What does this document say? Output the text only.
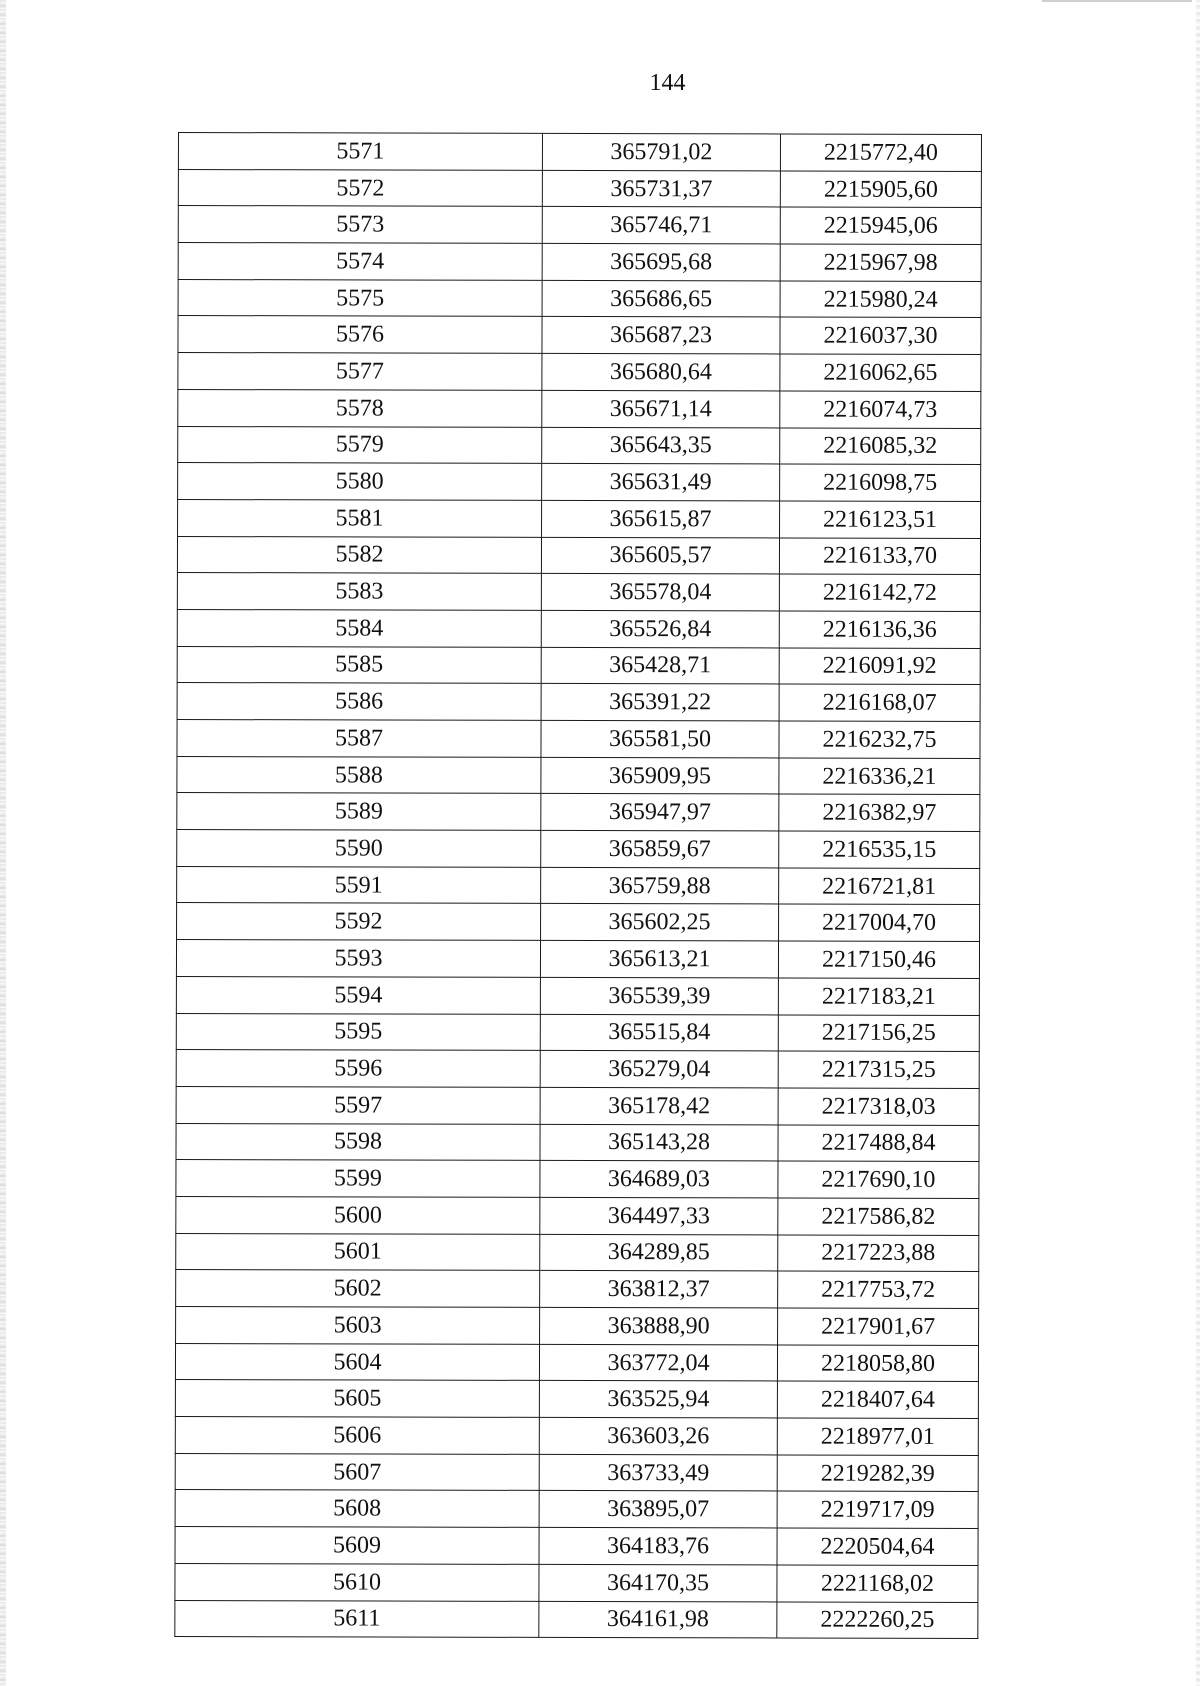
144
5571	365791,02	2215772,40
5572	365731,37	2215905,60
5573	365746,71	2215945,06
5574	365695,68	2215967,98
5575	365686,65	2215980,24
5576	365687,23	2216037,30
5577	365680,64	2216062,65
5578	365671,14	2216074,73
5579	365643,35	2216085,32
5580	365631,49	2216098,75
5581	365615,87	2216123,51
5582	365605,57	2216133,70
5583	365578,04	2216142,72
5584	365526,84	2216136,36
5585	365428,71	2216091,92
5586	365391,22	2216168,07
5587	365581,50	2216232,75
5588	365909,95	2216336,21
5589	365947,97	2216382,97
5590	365859,67	2216535,15
5591	365759,88	2216721,81
5592	365602,25	2217004,70
5593	365613,21	2217150,46
5594	365539,39	2217183,21
5595	365515,84	2217156,25
5596	365279,04	2217315,25
5597	365178,42	2217318,03
5598	365143,28	2217488,84
5599	364689,03	2217690,10
5600	364497,33	2217586,82
5601	364289,85	2217223,88
5602	363812,37	2217753,72
5603	363888,90	2217901,67
5604	363772,04	2218058,80
5605	363525,94	2218407,64
5606	363603,26	2218977,01
5607	363733,49	2219282,39
5608	363895,07	2219717,09
5609	364183,76	2220504,64
5610	364170,35	2221168,02
5611	364161,98	2222260,25
